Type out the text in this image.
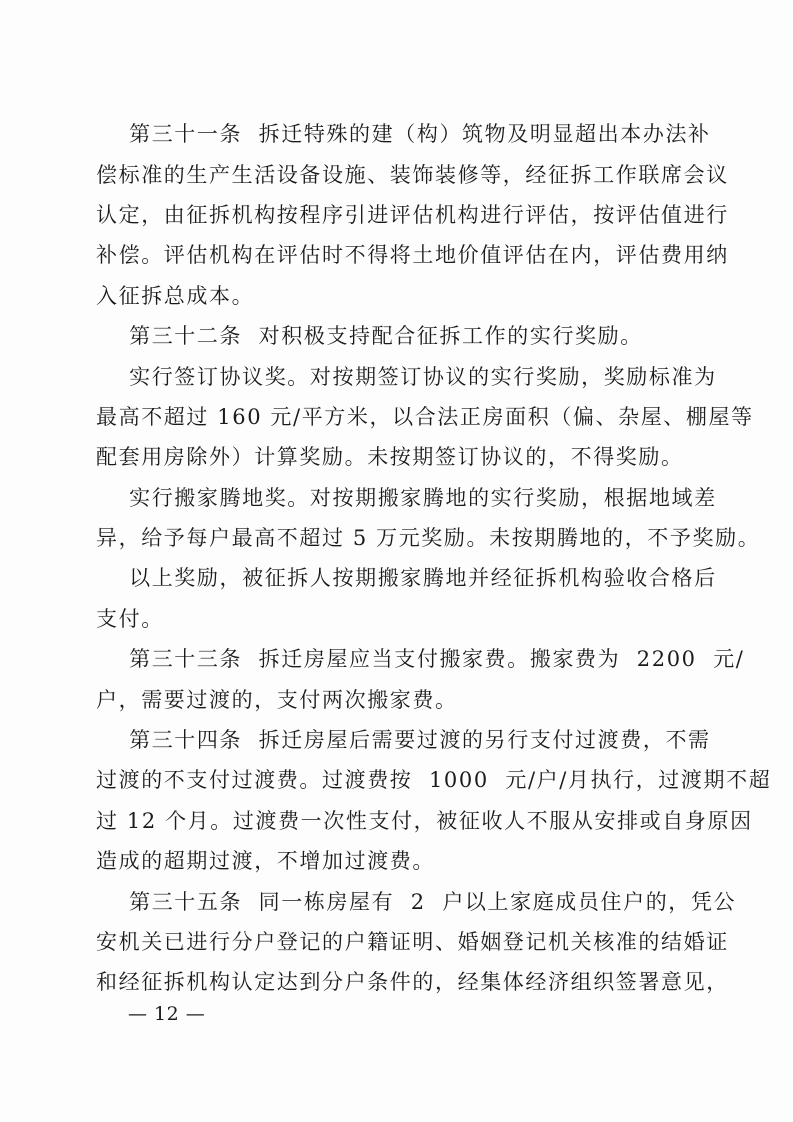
第三十一条  拆迁特殊的建（构）筑物及明显超出本办法补
偿标准的生产生活设备设施、装饰装修等，经征拆工作联席会议
认定，由征拆机构按程序引进评估机构进行评估，按评估值进行
补偿。评估机构在评估时不得将土地价值评估在内，评估费用纳
入征拆总成本。
第三十二条  对积极支持配合征拆工作的实行奖励。
实行签订协议奖。对按期签订协议的实行奖励，奖励标准为
最高不超过 160 元/平方米，以合法正房面积（偏、杂屋、棚屋等
配套用房除外）计算奖励。未按期签订协议的，不得奖励。
实行搬家腾地奖。对按期搬家腾地的实行奖励，根据地域差
异，给予每户最高不超过 5 万元奖励。未按期腾地的，不予奖励。
以上奖励，被征拆人按期搬家腾地并经征拆机构验收合格后
支付。
第三十三条  拆迁房屋应当支付搬家费。搬家费为  2200  元/
户，需要过渡的，支付两次搬家费。
第三十四条  拆迁房屋后需要过渡的另行支付过渡费，不需
过渡的不支付过渡费。过渡费按  1000  元/户/月执行，过渡期不超
过 12 个月。过渡费一次性支付，被征收人不服从安排或自身原因
造成的超期过渡，不增加过渡费。
第三十五条  同一栋房屋有  2  户以上家庭成员住户的，凭公
安机关已进行分户登记的户籍证明、婚姻登记机关核准的结婚证
和经征拆机构认定达到分户条件的，经集体经济组织签署意见，
— 12 —
